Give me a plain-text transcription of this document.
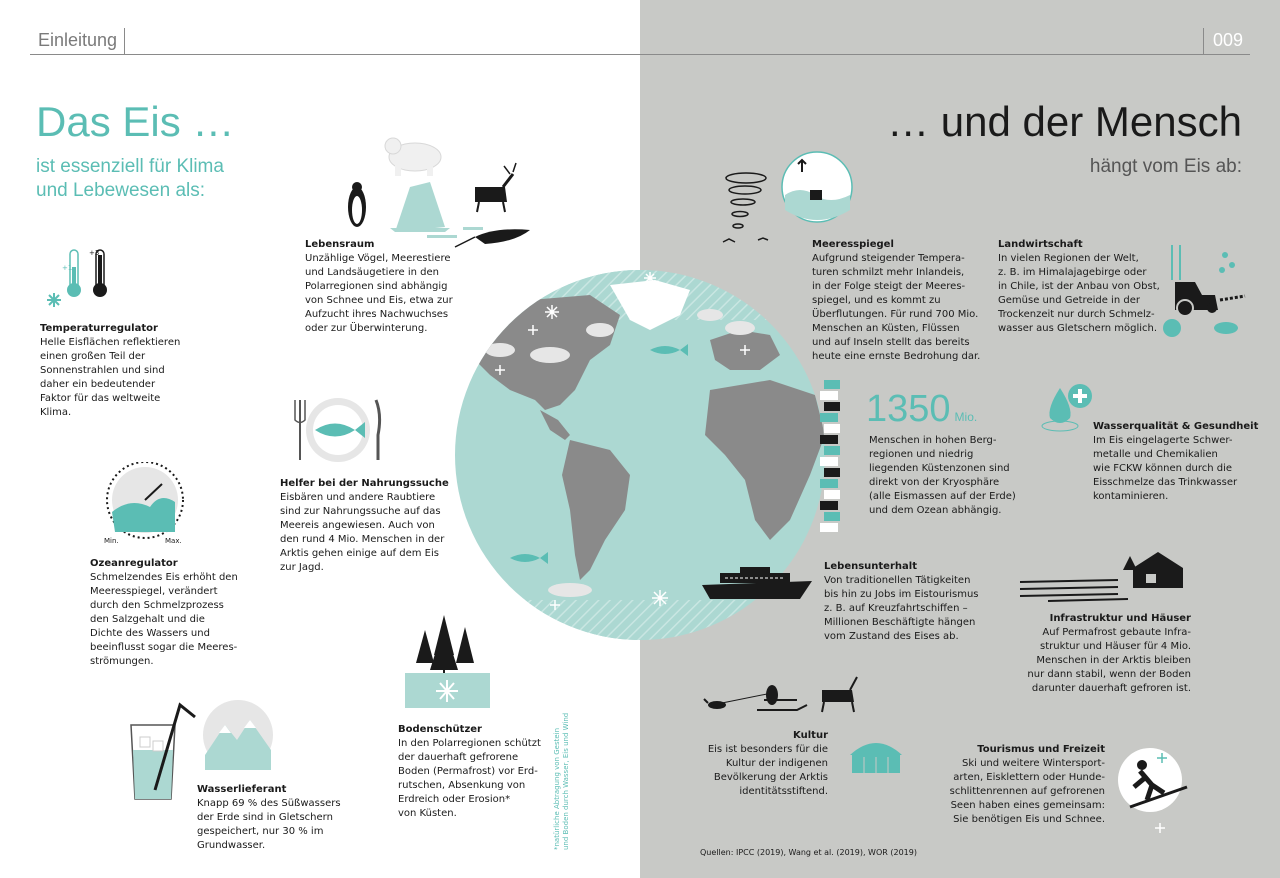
Einleitung	009
Das Eis …
ist essenziell für Klima
und Lebewesen als:
… und der Mensch
hängt vom Eis ab:
+1
+3
Min.	Max.

Lebensraum
Unzählige Vögel, Meerestiere
und Landsäugetiere in den
Polarregionen sind abhängig
von Schnee und Eis, etwa zur
Aufzucht ihres Nachwuchses
oder zur Überwinterung.

Temperaturregulator
Helle Eisflächen reflektieren
einen großen Teil der
Sonnenstrahlen und sind
daher ein bedeutender
Faktor für das weltweite
Klima.

Helfer bei der Nahrungssuche
Eisbären und andere Raubtiere
sind zur Nahrungssuche auf das
Meereis angewiesen. Auch von
den rund 4 Mio. Menschen in der
Arktis gehen einige auf dem Eis
zur Jagd.

Ozeanregulator
Schmelzendes Eis erhöht den
Meeresspiegel, verändert
durch den Schmelzprozess
den Salzgehalt und die
Dichte des Wassers und
beeinflusst sogar die Meeres-
strömungen.

Bodenschützer
In den Polarregionen schützt
der dauerhaft gefrorene
Boden (Permafrost) vor Erd-
rutschen, Absenkung von
Erdreich oder Erosion*
von Küsten.

Wasserlieferant
Knapp 69 % des Süßwassers
der Erde sind in Gletschern
gespeichert, nur 30 % im
Grundwasser.	*natürliche Abtragung von Gestein
und Boden durch Wasser, Eis und Wind

Meeresspiegel
Aufgrund steigender Tempera-
turen schmilzt mehr Inlandeis,
in der Folge steigt der Meeres-
spiegel, und es kommt zu
Überflutungen. Für rund 700 Mio.
Menschen an Küsten, Flüssen
und auf Inseln stellt das bereits
heute eine ernste Bedrohung dar.

Landwirtschaft
In vielen Regionen der Welt,
z. B. im Himalajagebirge oder
in Chile, ist der Anbau von Obst,
Gemüse und Getreide in der
Trockenzeit nur durch Schmelz-
wasser aus Gletschern möglich.

1350 Mio.

Menschen in hohen Berg-
regionen und niedrig
liegenden Küstenzonen sind
direkt von der Kryosphäre
(alle Eismassen auf der Erde)
und dem Ozean abhängig.

Wasserqualität & Gesundheit
Im Eis eingelagerte Schwer-
metalle und Chemikalien
wie FCKW können durch die
Eisschmelze das Trinkwasser
kontaminieren.

Lebensunterhalt
Von traditionellen Tätigkeiten
bis hin zu Jobs im Eistourismus
z. B. auf Kreuzfahrtschiffen –
Millionen Beschäftigte hängen
vom Zustand des Eises ab.

Infrastruktur und Häuser
Auf Permafrost gebaute Infra-
struktur und Häuser für 4 Mio.
Menschen in der Arktis bleiben
nur dann stabil, wenn der Boden
darunter dauerhaft gefroren ist.

Kultur
Eis ist besonders für die
Kultur der indigenen
Bevölkerung der Arktis
identitätsstiftend.

Tourismus und Freizeit
Ski und weitere Wintersport-
arten, Eisklettern oder Hunde-
schlittenrennen auf gefrorenen
Seen haben eines gemeinsam:
Sie benötigen Eis und Schnee.

Quellen: IPCC (2019), Wang et al. (2019), WOR (2019)
